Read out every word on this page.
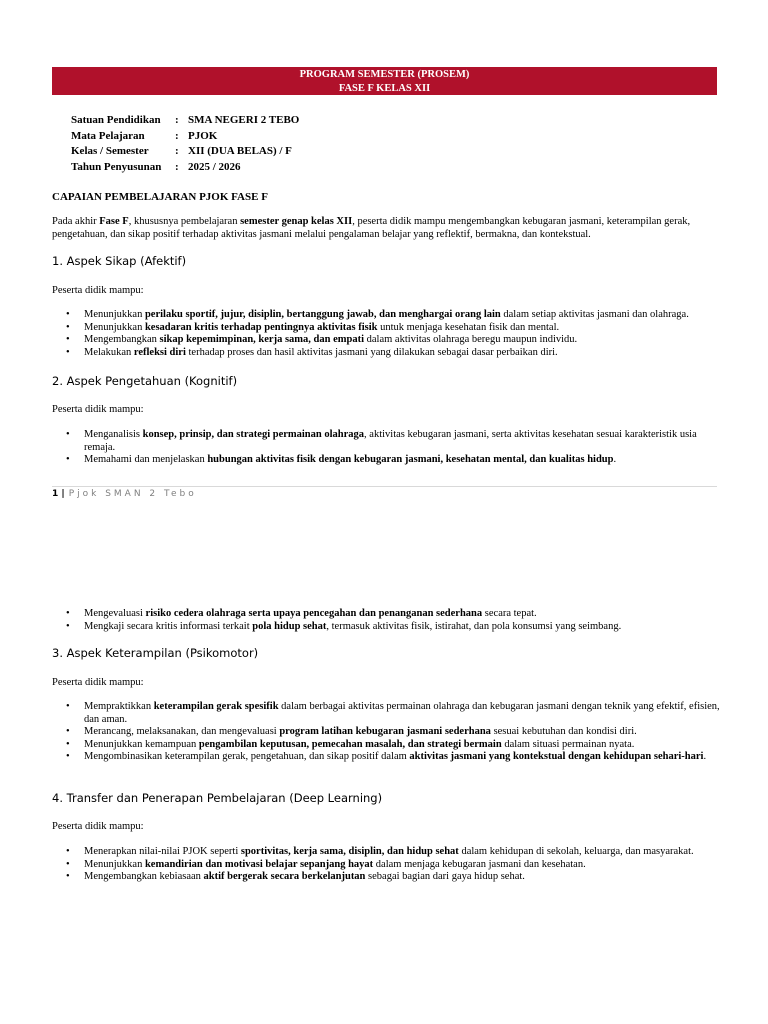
PROGRAM SEMESTER (PROSEM)
FASE F KELAS XII
Satuan Pendidikan	: SMA NEGERI 2 TEBO
Mata Pelajaran	: PJOK
Kelas / Semester	: XII (DUA BELAS) / F
Tahun Penyusunan	: 2025 / 2026
CAPAIAN PEMBELAJARAN PJOK FASE F
Pada akhir Fase F, khususnya pembelajaran semester genap kelas XII, peserta didik mampu mengembangkan kebugaran jasmani, keterampilan gerak, pengetahuan, dan sikap positif terhadap aktivitas jasmani melalui pengalaman belajar yang reflektif, bermakna, dan kontekstual.
1. Aspek Sikap (Afektif)
Peserta didik mampu:
• Menunjukkan perilaku sportif, jujur, disiplin, bertanggung jawab, dan menghargai orang lain dalam setiap aktivitas jasmani dan olahraga.
• Menunjukkan kesadaran kritis terhadap pentingnya aktivitas fisik untuk menjaga kesehatan fisik dan mental.
• Mengembangkan sikap kepemimpinan, kerja sama, dan empati dalam aktivitas olahraga beregu maupun individu.
• Melakukan refleksi diri terhadap proses dan hasil aktivitas jasmani yang dilakukan sebagai dasar perbaikan diri.
2. Aspek Pengetahuan (Kognitif)
Peserta didik mampu:
• Menganalisis konsep, prinsip, dan strategi permainan olahraga, aktivitas kebugaran jasmani, serta aktivitas kesehatan sesuai karakteristik usia remaja.
• Memahami dan menjelaskan hubungan aktivitas fisik dengan kebugaran jasmani, kesehatan mental, dan kualitas hidup.
1 | Pjok SMAN 2 Tebo
• Mengevaluasi risiko cedera olahraga serta upaya pencegahan dan penanganan sederhana secara tepat.
• Mengkaji secara kritis informasi terkait pola hidup sehat, termasuk aktivitas fisik, istirahat, dan pola konsumsi yang seimbang.
3. Aspek Keterampilan (Psikomotor)
Peserta didik mampu:
• Mempraktikkan keterampilan gerak spesifik dalam berbagai aktivitas permainan olahraga dan kebugaran jasmani dengan teknik yang efektif, efisien, dan aman.
• Merancang, melaksanakan, dan mengevaluasi program latihan kebugaran jasmani sederhana sesuai kebutuhan dan kondisi diri.
• Menunjukkan kemampuan pengambilan keputusan, pemecahan masalah, dan strategi bermain dalam situasi permainan nyata.
• Mengombinasikan keterampilan gerak, pengetahuan, dan sikap positif dalam aktivitas jasmani yang kontekstual dengan kehidupan sehari-hari.
4. Transfer dan Penerapan Pembelajaran (Deep Learning)
Peserta didik mampu:
• Menerapkan nilai-nilai PJOK seperti sportivitas, kerja sama, disiplin, dan hidup sehat dalam kehidupan di sekolah, keluarga, dan masyarakat.
• Menunjukkan kemandirian dan motivasi belajar sepanjang hayat dalam menjaga kebugaran jasmani dan kesehatan.
• Mengembangkan kebiasaan aktif bergerak secara berkelanjutan sebagai bagian dari gaya hidup sehat.
